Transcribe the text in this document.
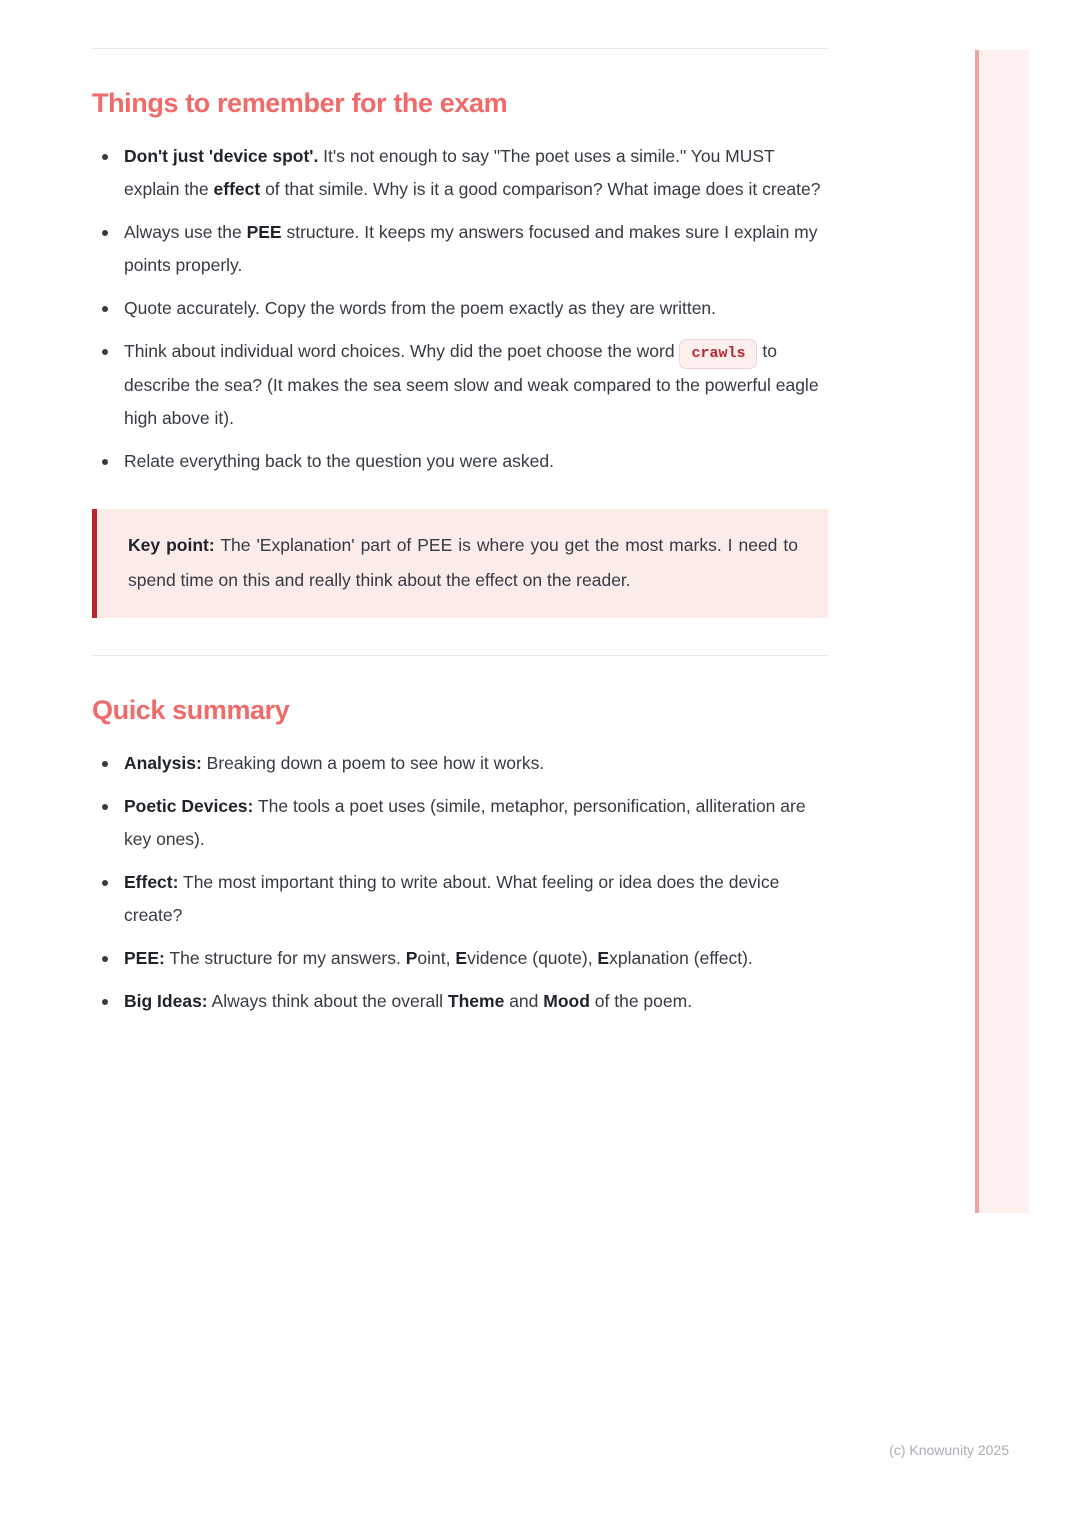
Things to remember for the exam
Don't just 'device spot'. It's not enough to say "The poet uses a simile." You MUST explain the effect of that simile. Why is it a good comparison? What image does it create?
Always use the PEE structure. It keeps my answers focused and makes sure I explain my points properly.
Quote accurately. Copy the words from the poem exactly as they are written.
Think about individual word choices. Why did the poet choose the word crawls to describe the sea? (It makes the sea seem slow and weak compared to the powerful eagle high above it).
Relate everything back to the question you were asked.
Key point: The 'Explanation' part of PEE is where you get the most marks. I need to spend time on this and really think about the effect on the reader.
Quick summary
Analysis: Breaking down a poem to see how it works.
Poetic Devices: The tools a poet uses (simile, metaphor, personification, alliteration are key ones).
Effect: The most important thing to write about. What feeling or idea does the device create?
PEE: The structure for my answers. Point, Evidence (quote), Explanation (effect).
Big Ideas: Always think about the overall Theme and Mood of the poem.
(c) Knowunity 2025
